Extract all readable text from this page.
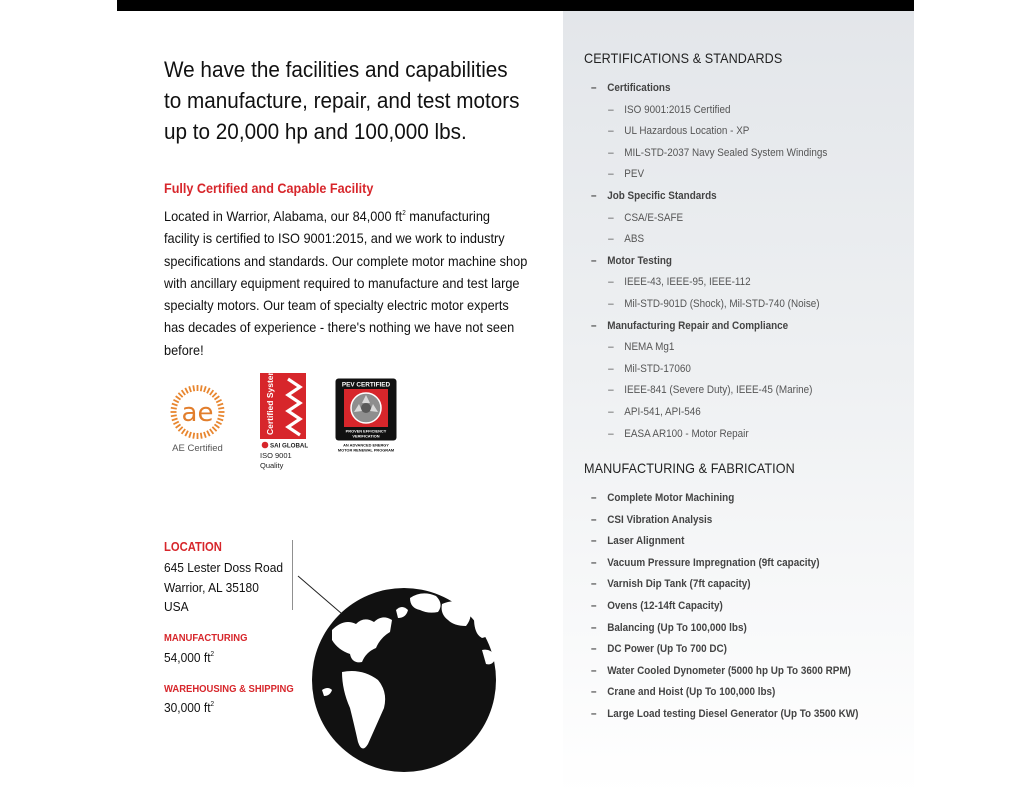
We have the facilities and capabilities to manufacture, repair, and test motors up to 20,000 hp and 100,000 lbs.
Fully Certified and Capable Facility
Located in Warrior, Alabama, our 84,000 $ft^2$ manufacturing facility is certified to ISO 9001:2015, and we work to industry specifications and standards. Our complete motor machine shop with ancillary equipment required to manufacture and test large specialty motors. Our team of specialty electric motor experts has decades of experience - there's nothing we have not seen before!
ae
AE Certified
Certified System
SAI GLOBAL
ISO 9001
Quality
PEV CERTIFIED
PROVEN EFFICIENCY
VERIFICATION
AN ADVANCED ENERGY
MOTOR RENEWAL PROGRAM
LOCATION
645 Lester Doss Road
Warrior, AL 35180
USA
MANUFACTURING
54,000 $ft^2$
WAREHOUSING & SHIPPING
30,000 $ft^2$
CERTIFICATIONS & STANDARDS
– Certifications
– ISO 9001:2015 Certified
– UL Hazardous Location - XP
– MIL-STD-2037 Navy Sealed System Windings
– PEV
– Job Specific Standards
– CSA/E-SAFE
– ABS
– Motor Testing
– IEEE-43, IEEE-95, IEEE-112
– Mil-STD-901D (Shock), Mil-STD-740 (Noise)
– Manufacturing Repair and Compliance
– NEMA Mg1
– Mil-STD-17060
– IEEE-841 (Severe Duty), IEEE-45 (Marine)
– API-541, API-546
– EASA AR100 - Motor Repair
MANUFACTURING & FABRICATION
– Complete Motor Machining
– CSI Vibration Analysis
– Laser Alignment
– Vacuum Pressure Impregnation (9ft capacity)
– Varnish Dip Tank (7ft capacity)
– Ovens (12-14ft Capacity)
– Balancing (Up To 100,000 lbs)
– DC Power (Up To 700 DC)
– Water Cooled Dynometer (5000 hp Up To 3600 RPM)
– Crane and Hoist (Up To 100,000 lbs)
– Large Load testing Diesel Generator (Up To 3500 KW)
